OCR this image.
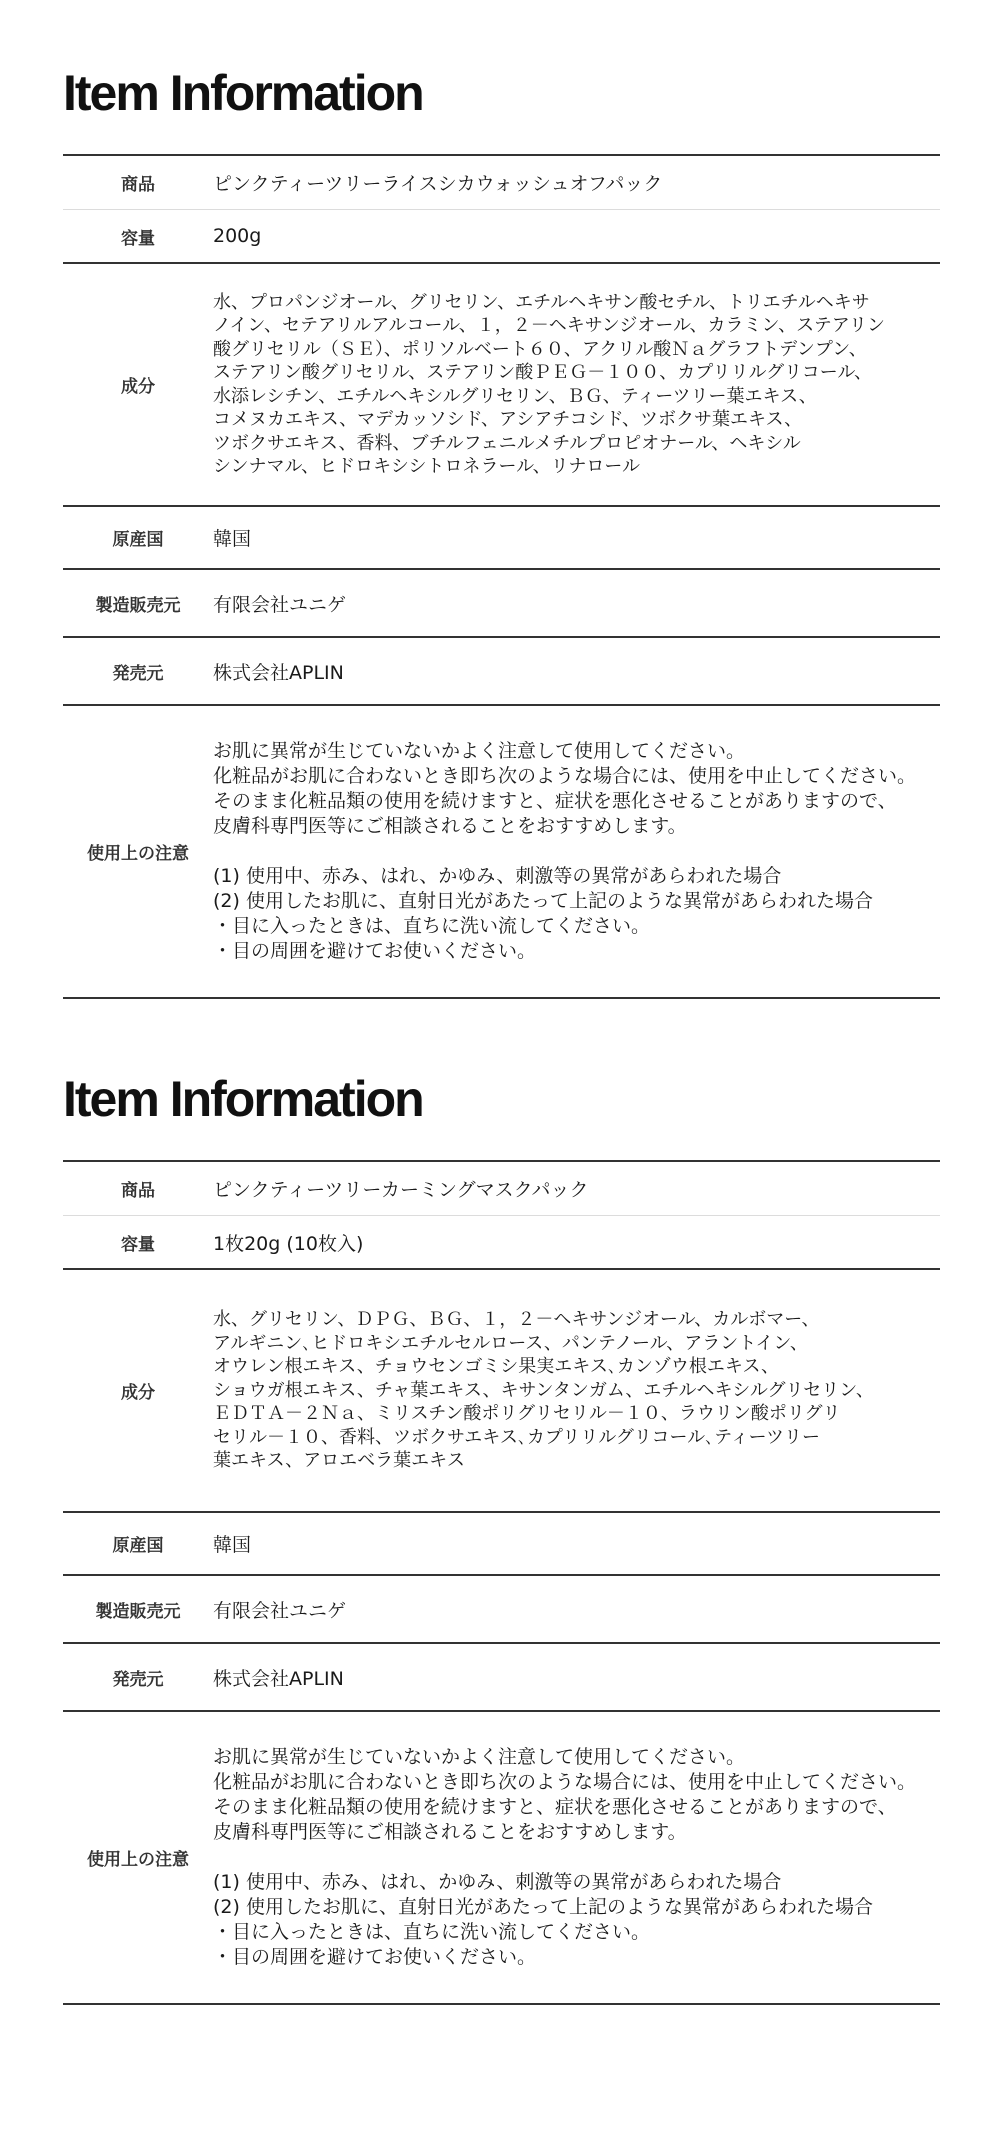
Item Information
商品	ピンクティーツリーライスシカウォッシュオフパック
容量	200g
成分
水、プロパンジオール、グリセリン、エチルヘキサン酸セチル、トリエチルヘキサ
ノイン、セテアリルアルコール、１，２－ヘキサンジオール、カラミン、ステアリン
酸グリセリル（ＳＥ）、ポリソルベート６０、アクリル酸Ｎａグラフトデンプン、
ステアリン酸グリセリル、ステアリン酸ＰＥＧ－１００、カプリリルグリコール、
水添レシチン、エチルヘキシルグリセリン、ＢＧ、ティーツリー葉エキス、
コメヌカエキス、マデカッソシド、アシアチコシド、ツボクサ葉エキス、
ツボクサエキス、香料、ブチルフェニルメチルプロピオナール、ヘキシル
シンナマル、ヒドロキシシトロネラール、リナロール
原産国	韓国
製造販売元	有限会社ユニゲ
発売元	株式会社APLIN
使用上の注意
お肌に異常が生じていないかよく注意して使用してください。
化粧品がお肌に合わないとき即ち次のような場合には、使用を中止してください。
そのまま化粧品類の使用を続けますと、症状を悪化させることがありますので、
皮膚科専門医等にご相談されることをおすすめします。

(1) 使用中、赤み、はれ、かゆみ、刺激等の異常があらわれた場合
(2) 使用したお肌に、直射日光があたって上記のような異常があらわれた場合
・目に入ったときは、直ちに洗い流してください。
・目の周囲を避けてお使いください。
Item Information
商品	ピンクティーツリーカーミングマスクパック
容量	1枚20g (10枚入)
成分
水、グリセリン、ＤＰＧ、ＢＧ、１，２－ヘキサンジオール、カルボマー、
アルギニン､ヒドロキシエチルセルロース、パンテノール、アラントイン、
オウレン根エキス、チョウセンゴミシ果実エキス､カンゾウ根エキス、
ショウガ根エキス、チャ葉エキス、キサンタンガム、エチルヘキシルグリセリン、
ＥＤＴＡ－２Ｎａ、ミリスチン酸ポリグリセリル－１０、ラウリン酸ポリグリ
セリル－１０、香料、ツボクサエキス､カプリリルグリコール､ティーツリー
葉エキス、アロエベラ葉エキス
原産国	韓国
製造販売元	有限会社ユニゲ
発売元	株式会社APLIN
使用上の注意
お肌に異常が生じていないかよく注意して使用してください。
化粧品がお肌に合わないとき即ち次のような場合には、使用を中止してください。
そのまま化粧品類の使用を続けますと、症状を悪化させることがありますので、
皮膚科専門医等にご相談されることをおすすめします。

(1) 使用中、赤み、はれ、かゆみ、刺激等の異常があらわれた場合
(2) 使用したお肌に、直射日光があたって上記のような異常があらわれた場合
・目に入ったときは、直ちに洗い流してください。
・目の周囲を避けてお使いください。
